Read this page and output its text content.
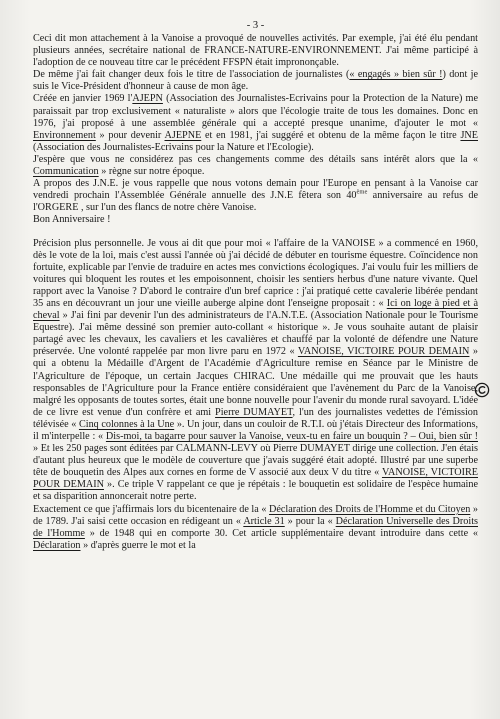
- 3 -

Ceci dit mon attachement à la Vanoise a provoqué de nouvelles activités. Par exemple, j'ai été élu pendant plusieurs années, secrétaire national de FRANCE-NATURE-ENVIRONNEMENT. J'ai même participé à l'adoption de ce nouveau titre car le précédent FFSPN était imprononçable.

De même j'ai fait changer deux fois le titre de l'association de journalistes (« engagés » bien sûr !) dont je suis le Vice-Président d'honneur à cause de mon âge.

Créée en janvier 1969 l'AJEPN (Association des Journalistes-Ecrivains pour la Protection de la Nature) me paraissait par trop exclusivement « naturaliste » alors que l'écologie traite de tous les domaines. Donc en 1976, j'ai proposé à une assemblée générale qui a accepté presque unanime, d'ajouter le mot « Environnement » pour devenir AJEPNE et en 1981, j'ai suggéré et obtenu de la même façon le titre JNE (Association des Journalistes-Ecrivains pour la Nature et l'Ecologie).

J'espère que vous ne considérez pas ces changements comme des détails sans intérêt alors que la « Communication » règne sur notre époque.

A propos des J.N.E. je vous rappelle que nous votons demain pour l'Europe en pensant à la Vanoise car vendredi prochain l'Assemblée Générale annuelle des J.N.E fêtera son 40ème anniversaire au refus de l'ORGERE , sur l'un des flancs de notre chère Vanoise.

Bon Anniversaire !

Précision plus personnelle. Je vous ai dit que pour moi « l'affaire de la VANOISE » a commencé en 1960, dès le vote de la loi, mais c'est aussi l'année où j'ai décidé de débuter en tourisme équestre. Coïncidence non fortuite, explicable par l'envie de traduire en actes mes convictions écologiques. J'ai voulu fuir les milliers de voitures qui bloquent les routes et les empoisonnent, choisir les sentiers herbus d'une nature vivante. Quel rapport avec la Vanoise ? D'abord le contraire d'un bref caprice : j'ai pratiqué cette cavalerie libérée pendant 35 ans en découvrant un jour une vieille auberge alpine dont l'enseigne proposait : « Ici on loge à pied et à cheval » J'ai fini par devenir l'un des administrateurs de l'A.N.T.E. (Association Nationale pour le Tourisme Equestre). J'ai même dessiné son premier auto-collant « historique ». Je vous souhaite autant de plaisir partagé avec les chevaux, les cavaliers et les cavalières et chauffé par la volonté de défendre une Nature préservée. Une volonté rappelée par mon livre paru en 1972 « VANOISE, VICTOIRE POUR DEMAIN » qui a obtenu la Médaille d'Argent de l'Académie d'Agriculture remise en Séance par le Ministre de l'Agriculture de l'époque, un certain Jacques CHIRAC. Une médaille qui me prouvait que les hauts responsables de l'Agriculture pour la France entière considéraient que l'avènement du Parc de la Vanoise, malgré les opposants de toutes sortes, était une bonne nouvelle pour l'avenir du monde rural savoyard. L'idée de ce livre est venue d'un confrère et ami Pierre DUMAYET, l'un des journalistes vedettes de l'émission télévisée « Cinq colonnes à la Une ». Un jour, dans un couloir de R.T.I. où j'étais Directeur des Informations, il m'interpelle : « Dis-moi, ta bagarre pour sauver la Vanoise, veux-tu en faire un bouquin ? – Oui, bien sûr ! » Et les 250 pages sont éditées par CALMANN-LEVY où Pierre DUMAYET dirige une collection. J'en étais d'autant plus heureux que le modèle de couverture que j'avais suggéré était adopté. Illustré par une superbe tête de bouquetin des Alpes aux cornes en forme de V associé aux deux V du titre « VANOISE, VICTOIRE POUR DEMAIN ». Ce triple V rappelant ce que je répétais : le bouquetin est solidaire de l'espèce humaine et sa disparition annoncerait notre perte.

Exactement ce que j'affirmais lors du bicentenaire de la « Déclaration des Droits de l'Homme et du Citoyen » de 1789. J'ai saisi cette occasion en rédigeant un « Article 31 » pour la « Déclaration Universelle des Droits de l'Homme » de 1948 qui en comporte 30. Cet article supplémentaire devant introduire dans cette « Déclaration » d'après guerre le mot et la
